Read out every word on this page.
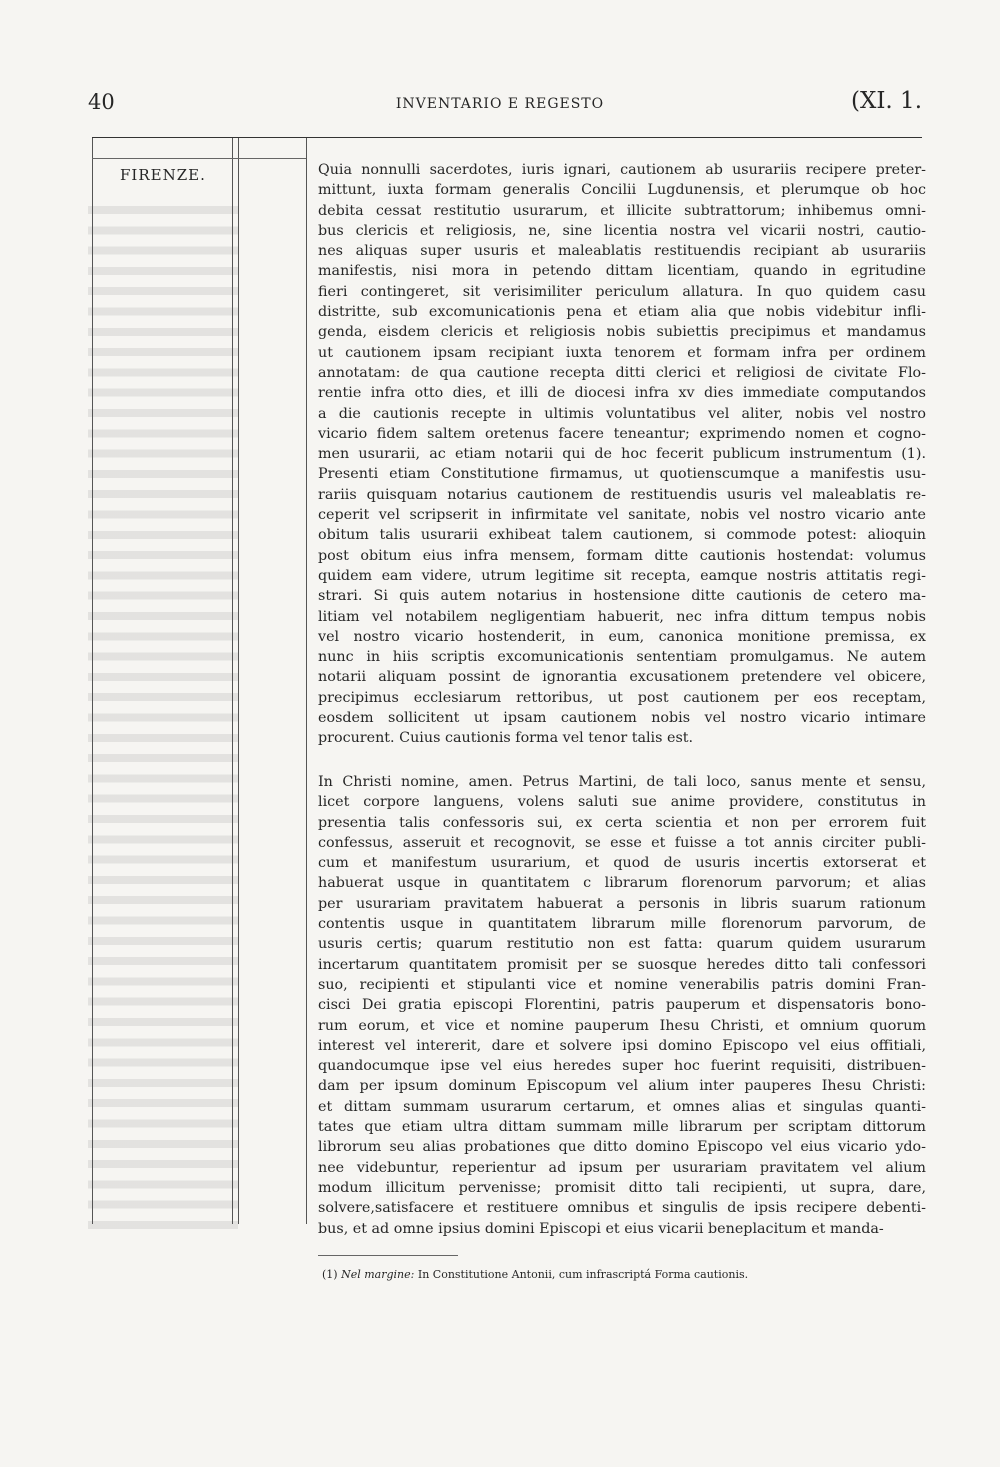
40	INVENTARIO E REGESTO	(XI. 1.
FIRENZE.	Quia nonnulli sacerdotes, iuris ignari, cautionem ab usurariis recipere preter-
mittunt, iuxta formam generalis Concilii Lugdunensis, et plerumque ob hoc
debita cessat restitutio usurarum, et illicite subtrattorum; inhibemus omni-
bus clericis et religiosis, ne, sine licentia nostra vel vicarii nostri, cautio-
nes aliquas super usuris et maleablatis restituendis recipiant ab usurariis
manifestis, nisi mora in petendo dittam licentiam, quando in egritudine
fieri contingeret, sit verisimiliter periculum allatura. In quo quidem casu
distritte, sub excomunicationis pena et etiam alia que nobis videbitur infli-
genda, eisdem clericis et religiosis nobis subiettis precipimus et mandamus
ut cautionem ipsam recipiant iuxta tenorem et formam infra per ordinem
annotatam: de qua cautione recepta ditti clerici et religiosi de civitate Flo-
rentie infra otto dies, et illi de diocesi infra xv dies immediate computandos
a die cautionis recepte in ultimis voluntatibus vel aliter, nobis vel nostro
vicario fidem saltem oretenus facere teneantur; exprimendo nomen et cogno-
men usurarii, ac etiam notarii qui de hoc fecerit publicum instrumentum (1).
Presenti etiam Constitutione firmamus, ut quotienscumque a manifestis usu-
rariis quisquam notarius cautionem de restituendis usuris vel maleablatis re-
ceperit vel scripserit in infirmitate vel sanitate, nobis vel nostro vicario ante
obitum talis usurarii exhibeat talem cautionem, si commode potest: alioquin
post obitum eius infra mensem, formam ditte cautionis hostendat: volumus
quidem eam videre, utrum legitime sit recepta, eamque nostris attitatis regi-
strari. Si quis autem notarius in hostensione ditte cautionis de cetero ma-
litiam vel notabilem negligentiam habuerit, nec infra dittum tempus nobis
vel nostro vicario hostenderit, in eum, canonica monitione premissa, ex
nunc in hiis scriptis excomunicationis sententiam promulgamus. Ne autem
notarii aliquam possint de ignorantia excusationem pretendere vel obicere,
precipimus ecclesiarum rettoribus, ut post cautionem per eos receptam,
eosdem sollicitent ut ipsam cautionem nobis vel nostro vicario intimare
procurent. Cuius cautionis forma vel tenor talis est.
In Christi nomine, amen. Petrus Martini, de tali loco, sanus mente et sensu,
licet corpore languens, volens saluti sue anime providere, constitutus in
presentia talis confessoris sui, ex certa scientia et non per errorem fuit
confessus, asseruit et recognovit, se esse et fuisse a tot annis circiter publi-
cum et manifestum usurarium, et quod de usuris incertis extorserat et
habuerat usque in quantitatem c librarum florenorum parvorum; et alias
per usurariam pravitatem habuerat a personis in libris suarum rationum
contentis usque in quantitatem librarum mille florenorum parvorum, de
usuris certis; quarum restitutio non est fatta: quarum quidem usurarum
incertarum quantitatem promisit per se suosque heredes ditto tali confessori
suo, recipienti et stipulanti vice et nomine venerabilis patris domini Fran-
cisci Dei gratia episcopi Florentini, patris pauperum et dispensatoris bono-
rum eorum, et vice et nomine pauperum Ihesu Christi, et omnium quorum
interest vel intererit, dare et solvere ipsi domino Episcopo vel eius offitiali,
quandocumque ipse vel eius heredes super hoc fuerint requisiti, distribuen-
dam per ipsum dominum Episcopum vel alium inter pauperes Ihesu Christi:
et dittam summam usurarum certarum, et omnes alias et singulas quanti-
tates que etiam ultra dittam summam mille librarum per scriptam dittorum
librorum seu alias probationes que ditto domino Episcopo vel eius vicario ydo-
nee videbuntur, reperientur ad ipsum per usurariam pravitatem vel alium
modum illicitum pervenisse; promisit ditto tali recipienti, ut supra, dare,
solvere,satisfacere et restituere omnibus et singulis de ipsis recipere debenti-
bus, et ad omne ipsius domini Episcopi et eius vicarii beneplacitum et manda-
(1) Nel margine: In Constitutione Antonii, cum infrascriptá Forma cautionis.
